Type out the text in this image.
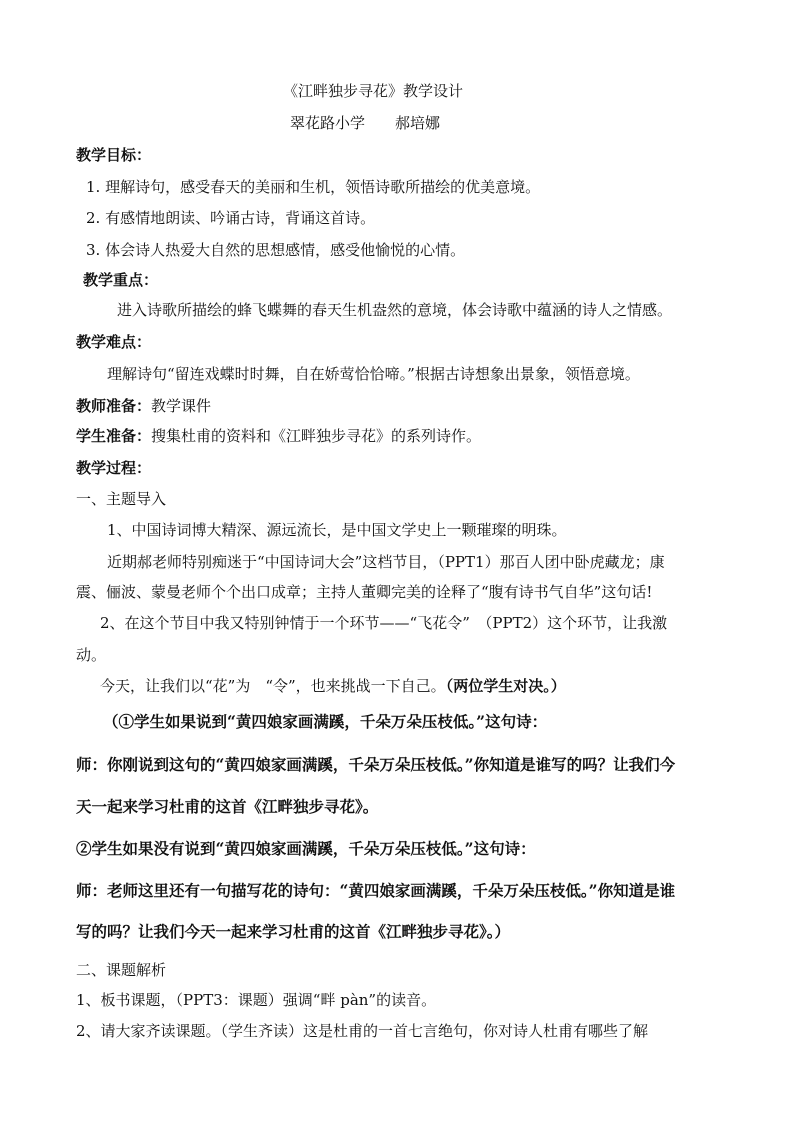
《江畔独步寻花》教学设计
翠花路小学　　郝培娜
教学目标：
1. 理解诗句，感受春天的美丽和生机，领悟诗歌所描绘的优美意境。
2. 有感情地朗读、吟诵古诗，背诵这首诗。
3. 体会诗人热爱大自然的思想感情，感受他愉悦的心情。
教学重点：
进入诗歌所描绘的蜂飞蝶舞的春天生机盎然的意境，体会诗歌中蕴涵的诗人之情感。
教学难点：
理解诗句“留连戏蝶时时舞，自在娇莺恰恰啼。”根据古诗想象出景象，领悟意境。
教师准备：教学课件
学生准备：搜集杜甫的资料和《江畔独步寻花》的系列诗作。
教学过程：
一、主题导入
1、中国诗词博大精深、源远流长，是中国文学史上一颗璀璨的明珠。
近期郝老师特别痴迷于“中国诗词大会”这档节目，（PPT1）那百人团中卧虎藏龙；康
震、俪波、蒙曼老师个个出口成章；主持人董卿完美的诠释了“腹有诗书气自华”这句话!
2、在这个节目中我又特别钟情于一个环节——“飞花令”　（PPT2）这个环节，让我激
动。
今天，让我们以“花”为　“令”，也来挑战一下自己。（两位学生对决。）
（①学生如果说到“黄四娘家画满蹊，千朵万朵压枝低。”这句诗：
师：你刚说到这句的“黄四娘家画满蹊，千朵万朵压枝低。”你知道是谁写的吗？让我们今
天一起来学习杜甫的这首《江畔独步寻花》。
②学生如果没有说到“黄四娘家画满蹊，千朵万朵压枝低。”这句诗：
师：老师这里还有一句描写花的诗句：“黄四娘家画满蹊，千朵万朵压枝低。”你知道是谁
写的吗？让我们今天一起来学习杜甫的这首《江畔独步寻花》。）
二、课题解析
1、板书课题，（PPT3：课题）强调“畔 pàn”的读音。
2、请大家齐读课题。（学生齐读）这是杜甫的一首七言绝句，你对诗人杜甫有哪些了解
